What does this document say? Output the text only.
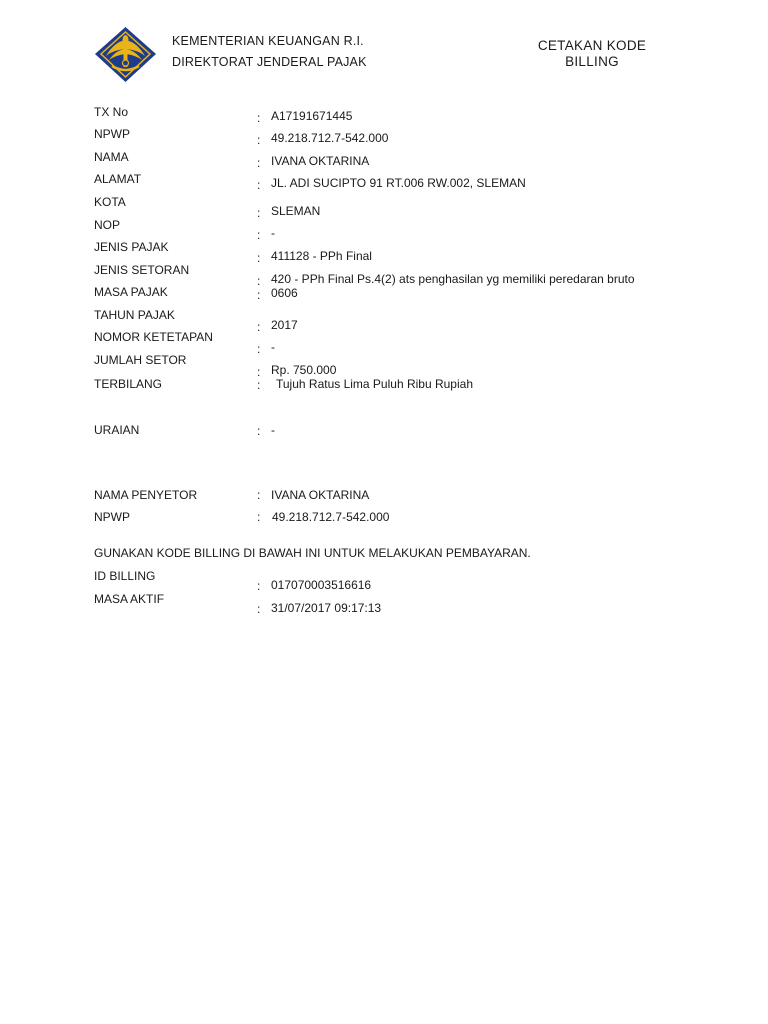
KEMENTERIAN KEUANGAN R.I.
DIREKTORAT JENDERAL PAJAK
CETAKAN KODE
BILLING
TX No	: A17191671445
NPWP	: 49.218.712.7-542.000
NAMA	: IVANA OKTARINA
ALAMAT	: JL. ADI SUCIPTO 91 RT.006 RW.002, SLEMAN
KOTA
: SLEMAN
NOP
: -
JENIS PAJAK
: 411128 - PPh Final
JENIS SETORAN
: 420 - PPh Final Ps.4(2) ats penghasilan yg memiliki peredaran bruto
MASA PAJAK	: 0606
TAHUN PAJAK
: 2017
NOMOR KETETAPAN
: -
JUMLAH SETOR
: Rp. 750.000
TERBILANG	: Tujuh Ratus Lima Puluh Ribu Rupiah
URAIAN	: -
NAMA PENYETOR	: IVANA OKTARINA
NPWP	: 49.218.712.7-542.000
GUNAKAN KODE BILLING DI BAWAH INI UNTUK MELAKUKAN PEMBAYARAN.
ID BILLING
: 017070003516616
MASA AKTIF
: 31/07/2017 09:17:13
